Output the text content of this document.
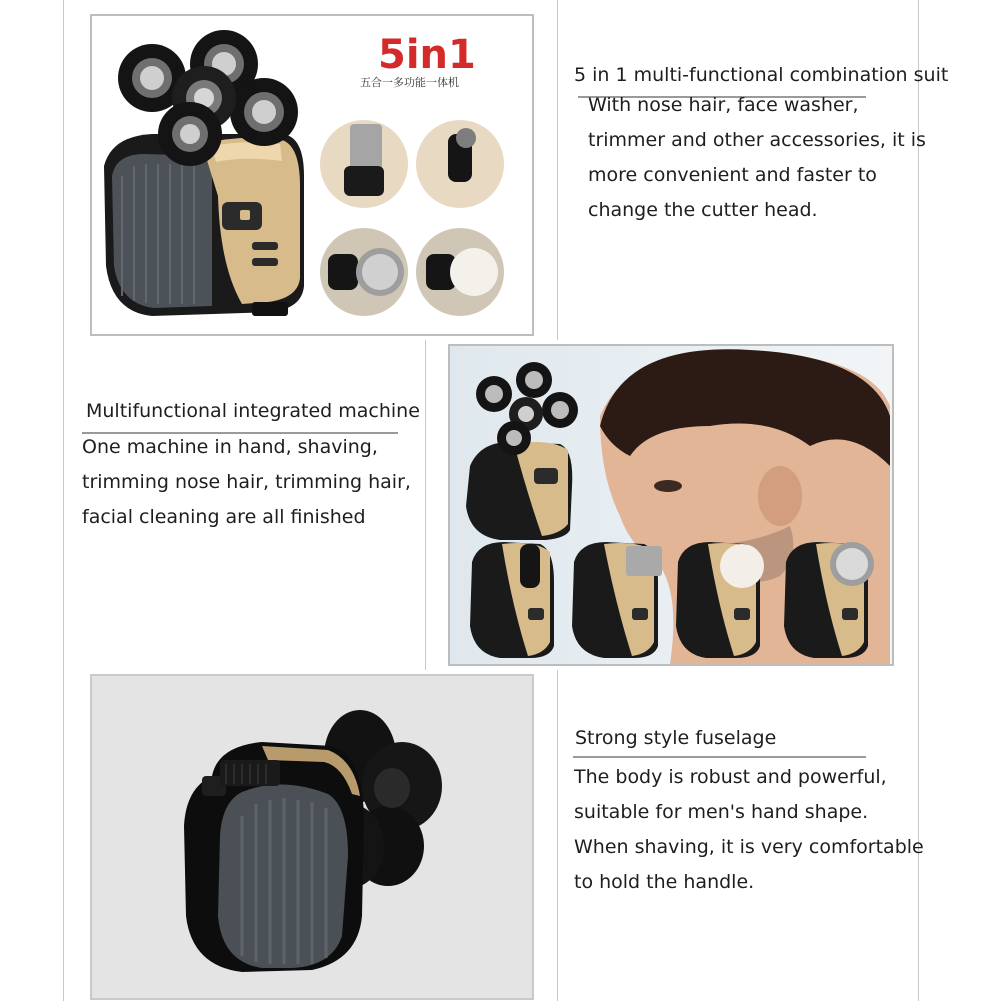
5in1
五合一多功能一体机	5 in 1 multi-functional combination suit
With nose hair, face washer,
trimmer and other accessories, it is
more convenient and faster to
change the cutter head.
Multifunctional integrated machine
One machine in hand, shaving,
trimming nose hair, trimming hair,
facial cleaning are all finished
Strong style fuselage
The body is robust and powerful,
suitable for men's hand shape.
When shaving, it is very comfortable
to hold the handle.
